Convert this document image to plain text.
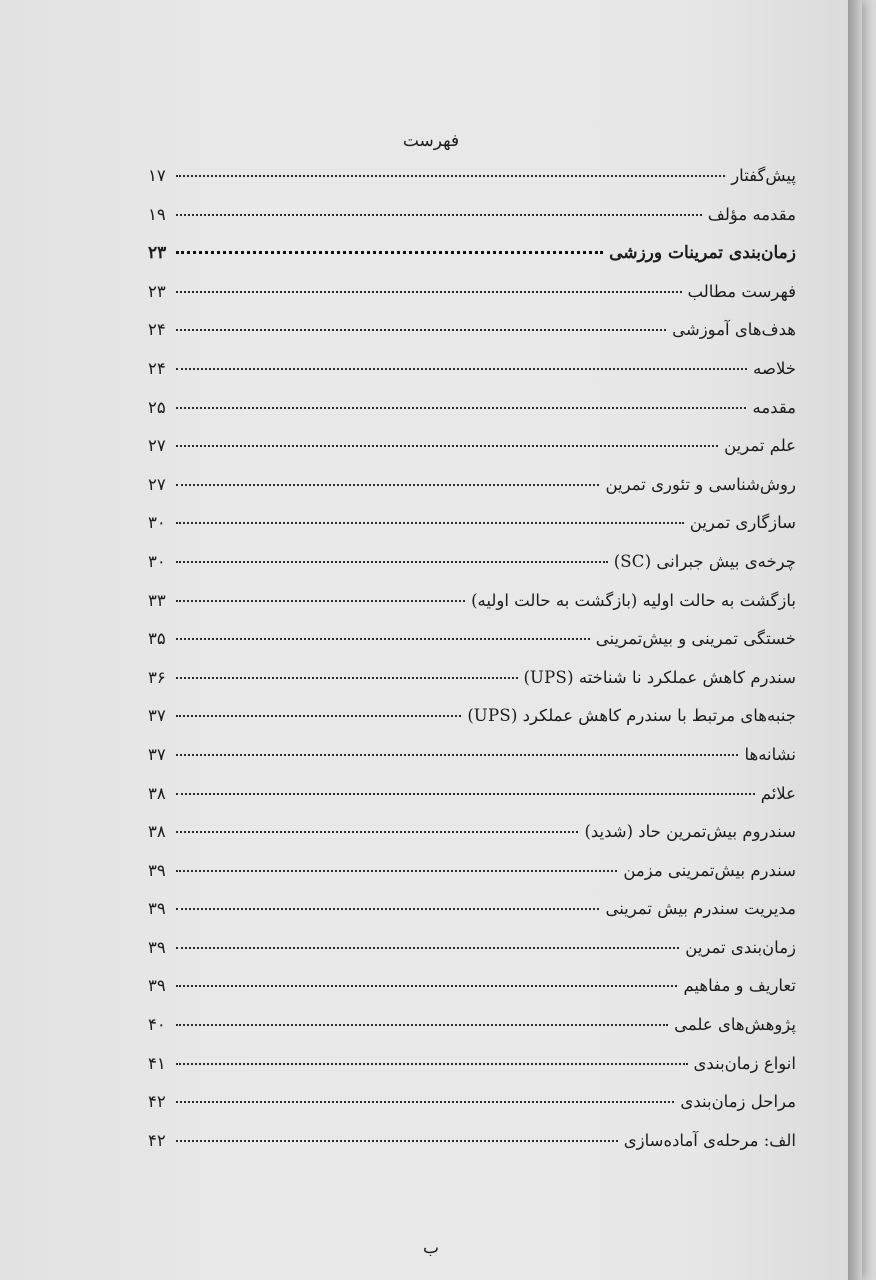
فهرست
پیش‌گفتار
۱۷
مقدمه مؤلف
۱۹
زمان‌بندی تمرینات ورزشی
۲۳
فهرست مطالب
۲۳
هدف‌های آموزشی
۲۴
خلاصه
۲۴
مقدمه
۲۵
علم تمرین
۲۷
روش‌شناسی و تئوری تمرین
۲۷
سازگاری تمرین
۳۰
چرخه‌ی بیش جبرانی (SC)
۳۰
بازگشت به حالت اولیه (بازگشت به حالت اولیه)
۳۳
خستگی تمرینی و بیش‌تمرینی
۳۵
سندرم کاهش عملکرد نا شناخته (UPS)
۳۶
جنبه‌های مرتبط با سندرم کاهش عملکرد (UPS)
۳۷
نشانه‌ها
۳۷
علائم
۳۸
سندروم بیش‌تمرین حاد (شدید)
۳۸
سندرم بیش‌تمرینی مزمن
۳۹
مدیریت سندرم بیش تمرینی
۳۹
زمان‌بندی تمرین
۳۹
تعاریف و مفاهیم
۳۹
پژوهش‌های علمی
۴۰
انواع زمان‌بندی
۴۱
مراحل زمان‌بندی
۴۲
الف: مرحله‌ی آماده‌سازی
۴۲
ب
